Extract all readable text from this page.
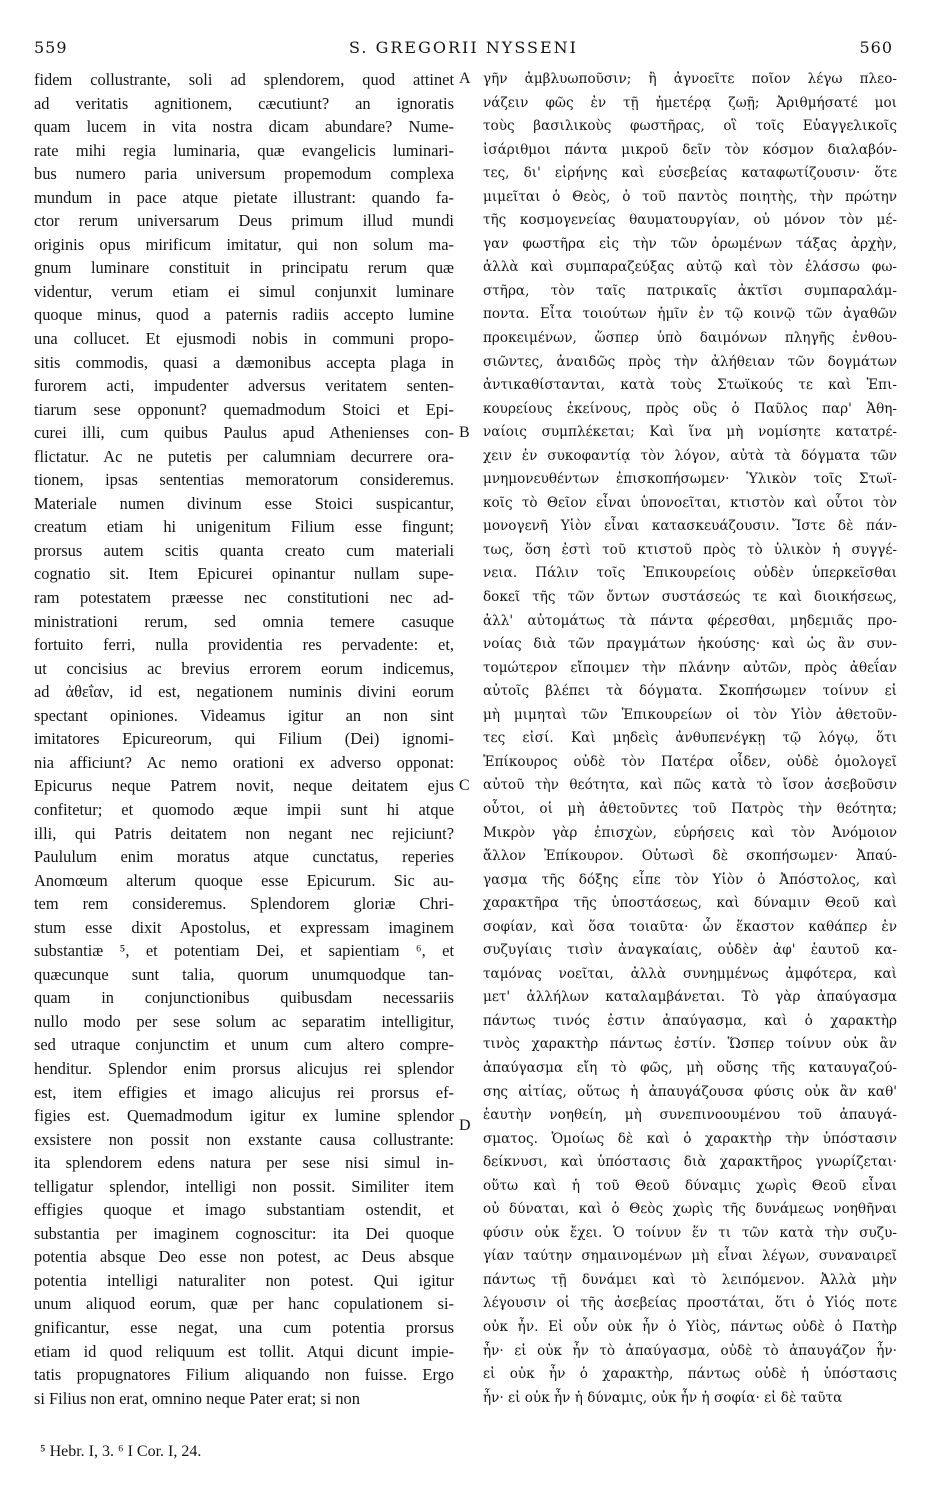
559	S. GREGORII NYSSENI	560
fidem collustrante, soli ad splendorem, quod attinet
ad veritatis agnitionem, cæcutiunt? an ignoratis
quam lucem in vita nostra dicam abundare? Nume-
rate mihi regia luminaria, quæ evangelicis luminari-
bus numero paria universum propemodum complexa
mundum in pace atque pietate illustrant: quando fa-
ctor rerum universarum Deus primum illud mundi
originis opus mirificum imitatur, qui non solum ma-
gnum luminare constituit in principatu rerum quæ
videntur, verum etiam ei simul conjunxit luminare
quoque minus, quod a paternis radiis accepto lumine
una collucet. Et ejusmodi nobis in communi propo-
sitis commodis, quasi a dæmonibus accepta plaga in
furorem acti, impudenter adversus veritatem senten-
tiarum sese opponunt? quemadmodum Stoici et Epi-
curei illi, cum quibus Paulus apud Athenienses con-
flictatur. Ac ne putetis per calumniam decurrere ora-
tionem, ipsas sententias memoratorum consideremus.
Materiale numen divinum esse Stoici suspicantur,
creatum etiam hi unigenitum Filium esse fingunt;
prorsus autem scitis quanta creato cum materiali
cognatio sit. Item Epicurei opinantur nullam supe-
ram potestatem præesse nec constitutioni nec ad-
ministrationi rerum, sed omnia temere casuque
fortuito ferri, nulla providentia res pervadente: et,
ut concisius ac brevius errorem eorum indicemus,
ad ἀθεΐαν, id est, negationem numinis divini eorum
spectant opiniones. Videamus igitur an non sint
imitatores Epicureorum, qui Filium (Dei) ignomi-
nia afficiunt? Ac nemo orationi ex adverso opponat:
Epicurus neque Patrem novit, neque deitatem ejus
confitetur; et quomodo æque impii sunt hi atque
illi, qui Patris deitatem non negant nec rejiciunt?
Paululum enim moratus atque cunctatus, reperies
Anomœum alterum quoque esse Epicurum. Sic au-
tem rem consideremus. Splendorem gloriæ Chri-
stum esse dixit Apostolus, et expressam imaginem
substantiæ ⁵, et potentiam Dei, et sapientiam ⁶, et
quæcunque sunt talia, quorum unumquodque tan-
quam in conjunctionibus quibusdam necessariis
nullo modo per sese solum ac separatim intelligitur,
sed utraque conjunctim et unum cum altero compre-
henditur. Splendor enim prorsus alicujus rei splendor
est, item effigies et imago alicujus rei prorsus ef-
figies est. Quemadmodum igitur ex lumine splendor
exsistere non possit non exstante causa collustrante:
ita splendorem edens natura per sese nisi simul in-
telligatur splendor, intelligi non possit. Similiter item
effigies quoque et imago substantiam ostendit, et
substantia per imaginem cognoscitur: ita Dei quoque
potentia absque Deo esse non potest, ac Deus absque
potentia intelligi naturaliter non potest. Qui igitur
unum aliquod eorum, quæ per hanc copulationem si-
gnificantur, esse negat, una cum potentia prorsus
etiam id quod reliquum est tollit. Atqui dicunt impie-
tatis propugnatores Filium aliquando non fuisse. Ergo
si Filius non erat, omnino neque Pater erat; si non
γῆν ἀμβλυωποῦσιν; ἢ ἀγνοεῖτε ποῖον λέγω πλεο-
νάζειν φῶς ἐν τῇ ἡμετέρᾳ ζωῇ; Ἀριθμήσατέ μοι
τοὺς βασιλικοὺς φωστῆρας, οἳ τοῖς Εὐαγγελικοῖς
ἰσάριθμοι πάντα μικροῦ δεῖν τὸν κόσμον διαλαβόν-
τες, δι' εἰρήνης καὶ εὐσεβείας καταφωτίζουσιν· ὅτε
μιμεῖται ὁ Θεὸς, ὁ τοῦ παντὸς ποιητὴς, τὴν πρώτην
τῆς κοσμογενείας θαυματουργίαν, οὐ μόνον τὸν μέ-
γαν φωστῆρα εἰς τὴν τῶν ὁρωμένων τάξας ἀρχὴν,
ἀλλὰ καὶ συμπαραζεύξας αὐτῷ καὶ τὸν ἐλάσσω φω-
στῆρα, τὸν ταῖς πατρικαῖς ἀκτῖσι συμπαραλάμ-
ποντα. Εἶτα τοιούτων ἡμῖν ἐν τῷ κοινῷ τῶν ἀγαθῶν
προκειμένων, ὥσπερ ὑπὸ δαιμόνων πληγῆς ἐνθου-
σιῶντες, ἀναιδῶς πρὸς τὴν ἀλήθειαν τῶν δογμάτων
ἀντικαθίστανται, κατὰ τοὺς Στωϊκούς τε καὶ Ἐπι-
κουρείους ἐκείνους, πρὸς οὓς ὁ Παῦλος παρ' Ἀθη-
ναίοις συμπλέκεται; Καὶ ἵνα μὴ νομίσητε κατατρέ-
χειν ἐν συκοφαντίᾳ τὸν λόγον, αὐτὰ τὰ δόγματα τῶν
μνημονευθέντων ἐπισκοπήσωμεν· Ὑλικὸν τοῖς Στωϊ-
κοῖς τὸ Θεῖον εἶναι ὑπονοεῖται, κτιστὸν καὶ οὗτοι τὸν
μονογενῆ Υἱὸν εἶναι κατασκευάζουσιν. Ἴστε δὲ πάν-
τως, ὅση ἐστὶ τοῦ κτιστοῦ πρὸς τὸ ὑλικὸν ἡ συγγέ-
νεια. Πάλιν τοῖς Ἐπικουρείοις οὐδὲν ὑπερκεῖσθαι
δοκεῖ τῆς τῶν ὄντων συστάσεώς τε καὶ διοικήσεως,
ἀλλ' αὐτομάτως τὰ πάντα φέρεσθαι, μηδεμιᾶς προ-
νοίας διὰ τῶν πραγμάτων ἡκούσης· καὶ ὡς ἂν συν-
τομώτερον εἴποιμεν τὴν πλάνην αὐτῶν, πρὸς ἀθεΐαν
αὐτοῖς βλέπει τὰ δόγματα. Σκοπήσωμεν τοίνυν εἰ
μὴ μιμηταὶ τῶν Ἐπικουρείων οἱ τὸν Υἱὸν ἀθετοῦν-
τες εἰσί. Καὶ μηδεὶς ἀνθυπενέγκῃ τῷ λόγῳ, ὅτι
Ἐπίκουρος οὐδὲ τὸν Πατέρα οἶδεν, οὐδὲ ὁμολογεῖ
αὐτοῦ τὴν θεότητα, καὶ πῶς κατὰ τὸ ἴσον ἀσεβοῦσιν
οὗτοι, οἱ μὴ ἀθετοῦντες τοῦ Πατρὸς τὴν θεότητα;
Μικρὸν γὰρ ἐπισχὼν, εὑρήσεις καὶ τὸν Ἀνόμοιον
ἄλλον Ἐπίκουρον. Οὑτωσὶ δὲ σκοπήσωμεν· Ἀπαύ-
γασμα τῆς δόξης εἶπε τὸν Υἱὸν ὁ Ἀπόστολος, καὶ
χαρακτῆρα τῆς ὑποστάσεως, καὶ δύναμιν Θεοῦ καὶ
σοφίαν, καὶ ὅσα τοιαῦτα· ὧν ἕκαστον καθάπερ ἐν
συζυγίαις τισὶν ἀναγκαίαις, οὐδὲν ἀφ' ἑαυτοῦ κα-
ταμόνας νοεῖται, ἀλλὰ συνημμένως ἀμφότερα, καὶ
μετ' ἀλλήλων καταλαμβάνεται. Τὸ γὰρ ἀπαύγασμα
πάντως τινός ἐστιν ἀπαύγασμα, καὶ ὁ χαρακτὴρ
τινὸς χαρακτὴρ πάντως ἐστίν. Ὥσπερ τοίνυν οὐκ ἂν
ἀπαύγασμα εἴη τὸ φῶς, μὴ οὔσης τῆς καταυγαζού-
σης αἰτίας, οὕτως ἡ ἀπαυγάζουσα φύσις οὐκ ἂν καθ'
ἑαυτὴν νοηθείη, μὴ συνεπινοουμένου τοῦ ἀπαυγά-
σματος. Ὁμοίως δὲ καὶ ὁ χαρακτὴρ τὴν ὑπόστασιν
δείκνυσι, καὶ ὑπόστασις διὰ χαρακτῆρος γνωρίζεται·
οὕτω καὶ ἡ τοῦ Θεοῦ δύναμις χωρὶς Θεοῦ εἶναι
οὐ δύναται, καὶ ὁ Θεὸς χωρὶς τῆς δυνάμεως νοηθῆναι
φύσιν οὐκ ἔχει. Ὁ τοίνυν ἕν τι τῶν κατὰ τὴν συζυ-
γίαν ταύτην σημαινομένων μὴ εἶναι λέγων, συναναιρεῖ
πάντως τῇ δυνάμει καὶ τὸ λειπόμενον. Ἀλλὰ μὴν
λέγουσιν οἱ τῆς ἀσεβείας προστάται, ὅτι ὁ Υἱός ποτε
οὐκ ἦν. Εἰ οὖν οὐκ ἦν ὁ Υἱὸς, πάντως οὐδὲ ὁ Πατὴρ
ἦν· εἰ οὐκ ἦν τὸ ἀπαύγασμα, οὐδὲ τὸ ἀπαυγάζον ἦν·
εἰ οὐκ ἦν ὁ χαρακτὴρ, πάντως οὐδὲ ἡ ὑπόστασις
ἦν· εἰ οὐκ ἦν ἡ δύναμις, οὐκ ἦν ἡ σοφία· εἰ δὲ ταῦτα
A
B
C
D
⁵ Hebr. I, 3. ⁶ I Cor. I, 24.
